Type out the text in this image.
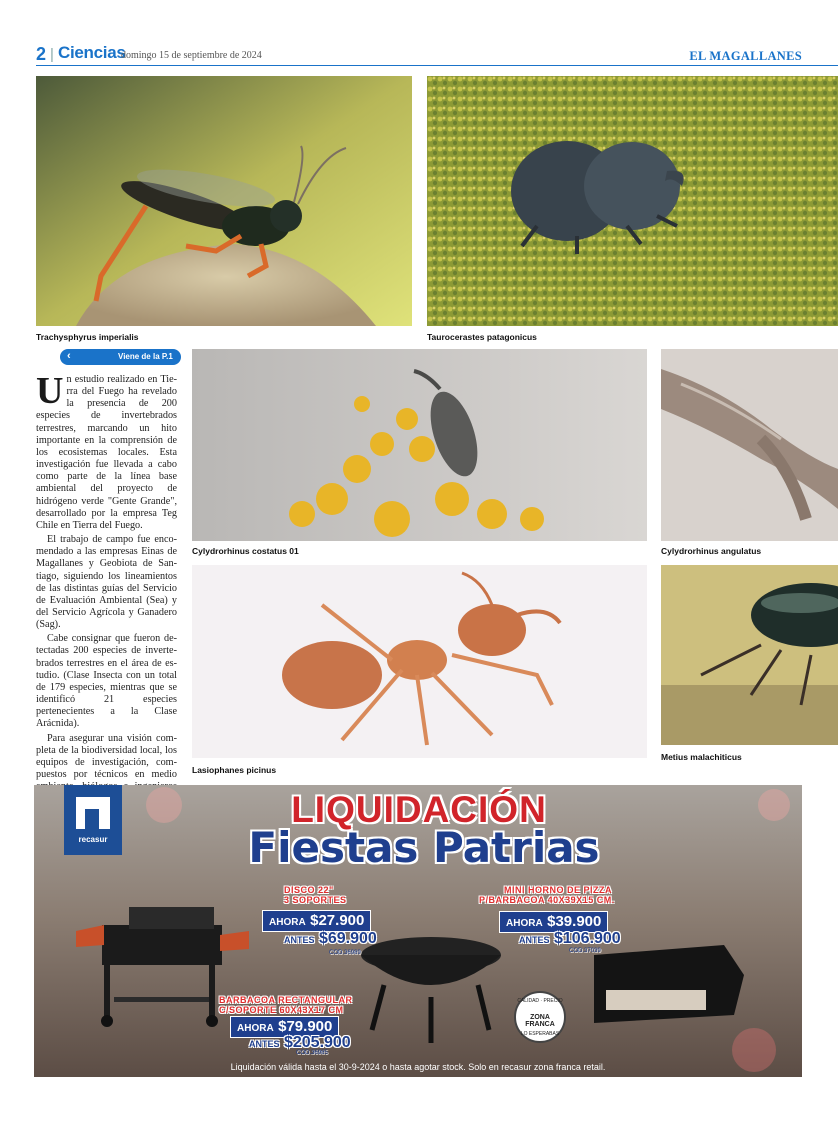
2 | Ciencias
domingo 15 de septiembre de 2024	EL MAGALLANES
Trachysphyrus imperialis	Taurocerastes patagonicus
‹	Viene de la P.1

Un estudio realizado en Tierra del Fuego ha revelado la presencia de 200 especies de invertebrados terrestres, marcando un hito importante en la comprensión de los ecosistemas locales. Esta investigación fue llevada a cabo como parte de la línea base ambiental del proyecto de hidrógeno verde "Gente Grande", desarrollado por la empresa Teg Chile en Tierra del Fuego.

El trabajo de campo fue encomendado a las empresas Einas de Magallanes y Geobiota de Santiago, siguiendo los lineamientos de las distintas guías del Servicio de Evaluación Ambiental (Sea) y del Servicio Agrícola y Ganadero (Sag).

Cabe consignar que fueron detectadas 200 especies de invertebrados terrestres en el área de estudio. (Clase Insecta con un total de 179 especies, mientras que se identificó 21 especies pertenecientes a la Clase Arácnida).

Para asegurar una visión completa de la biodiversidad local, los equipos de investigación, compuestos por técnicos en medio

Cylydrorhinus costatus 01	Cylydrorhinus angulatus
Lasiophanes picinus
Metius malachiticus
recasur
LIQUIDACIÓN
Fiestas Patrias
DISCO 22"
3 SOPORTES
AHORA $27.900
ANTES $69.900
COD.36989
MINI HORNO DE PIZZA
P/BARBACOA 40X39X15 CM.
AHORA $39.900
ANTES $106.900
COD.37039
BARBACOA RECTANGULAR
C/SOPORTE 60X43X17 CM
AHORA $79.900
ANTES $205.900
COD.36985
CALIDAD · PRECIO
ZONA
FRANCA
LO ESPERABAS
Liquidación válida hasta el 30-9-2024 o hasta agotar stock. Solo en recasur zona franca retail.
